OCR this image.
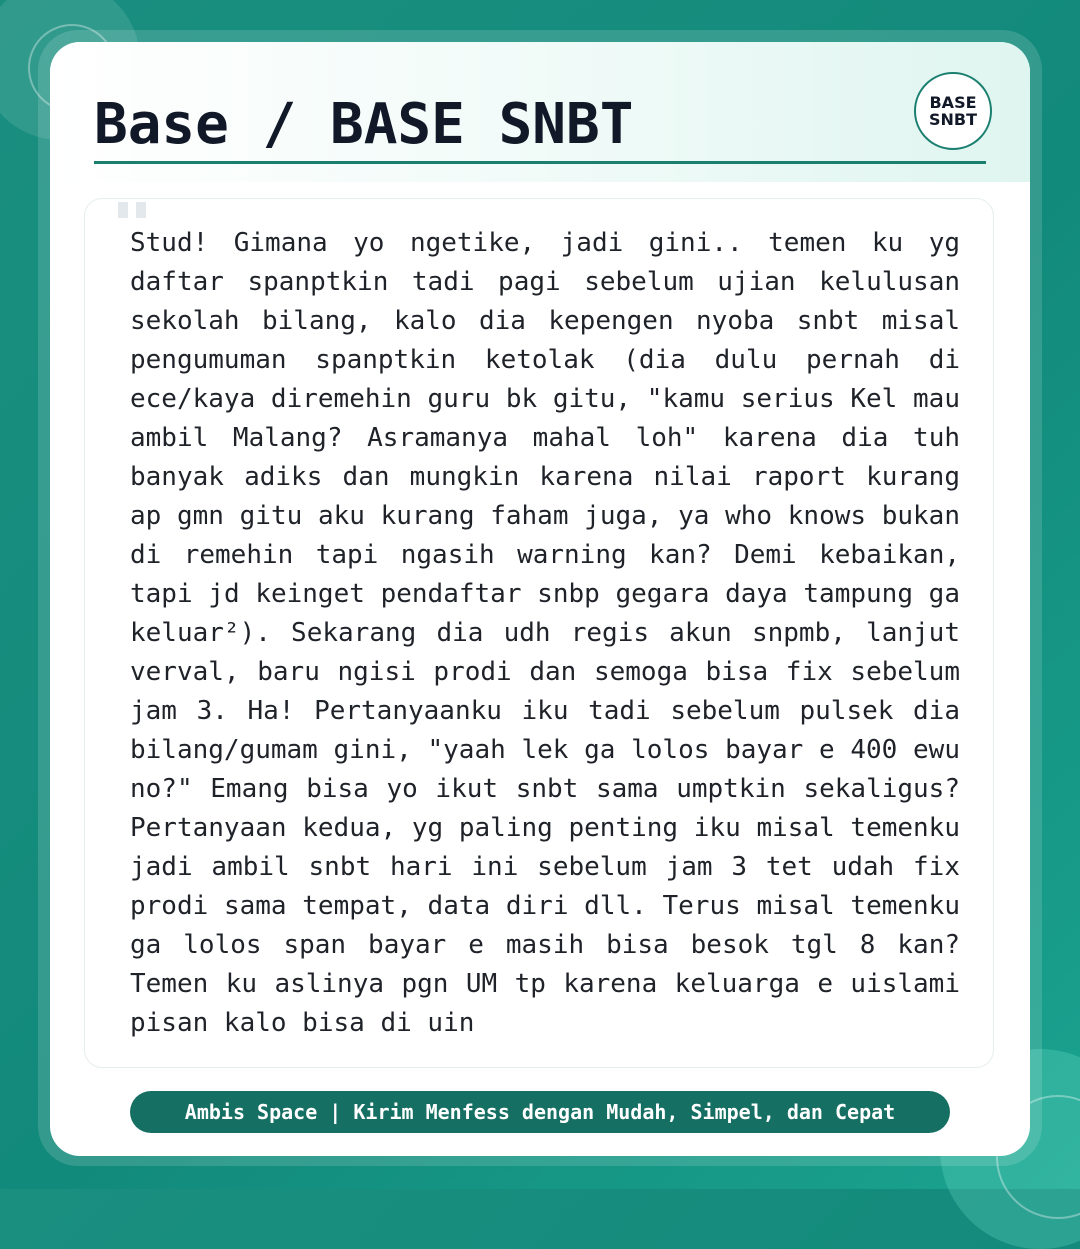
Base / BASE SNBT	BASE
SNBT

Stud! Gimana yo ngetike, jadi gini.. temen ku yg daftar spanptkin tadi pagi sebelum ujian kelulusan sekolah bilang, kalo dia kepengen nyoba snbt misal pengumuman spanptkin ketolak (dia dulu pernah di ece/kaya diremehin guru bk gitu, "kamu serius Kel mau ambil Malang? Asramanya mahal loh" karena dia tuh banyak adiks dan mungkin karena nilai raport kurang ap gmn gitu aku kurang faham juga, ya who knows bukan di remehin tapi ngasih warning kan? Demi kebaikan, tapi jd keinget pendaftar snbp gegara daya tampung ga keluar²). Sekarang dia udh regis akun snpmb, lanjut verval, baru ngisi prodi dan semoga bisa fix sebelum jam 3. Ha! Pertanyaanku iku tadi sebelum pulsek dia bilang/gumam gini, "yaah lek ga lolos bayar e 400 ewu no?" Emang bisa yo ikut snbt sama umptkin sekaligus? Pertanyaan kedua, yg paling penting iku misal temenku jadi ambil snbt hari ini sebelum jam 3 tet udah fix prodi sama tempat, data diri dll. Terus misal temenku ga lolos span bayar e masih bisa besok tgl 8 kan? Temen ku aslinya pgn UM tp karena keluarga e uislami pisan kalo bisa di uin

Ambis Space | Kirim Menfess dengan Mudah, Simpel, dan Cepat
